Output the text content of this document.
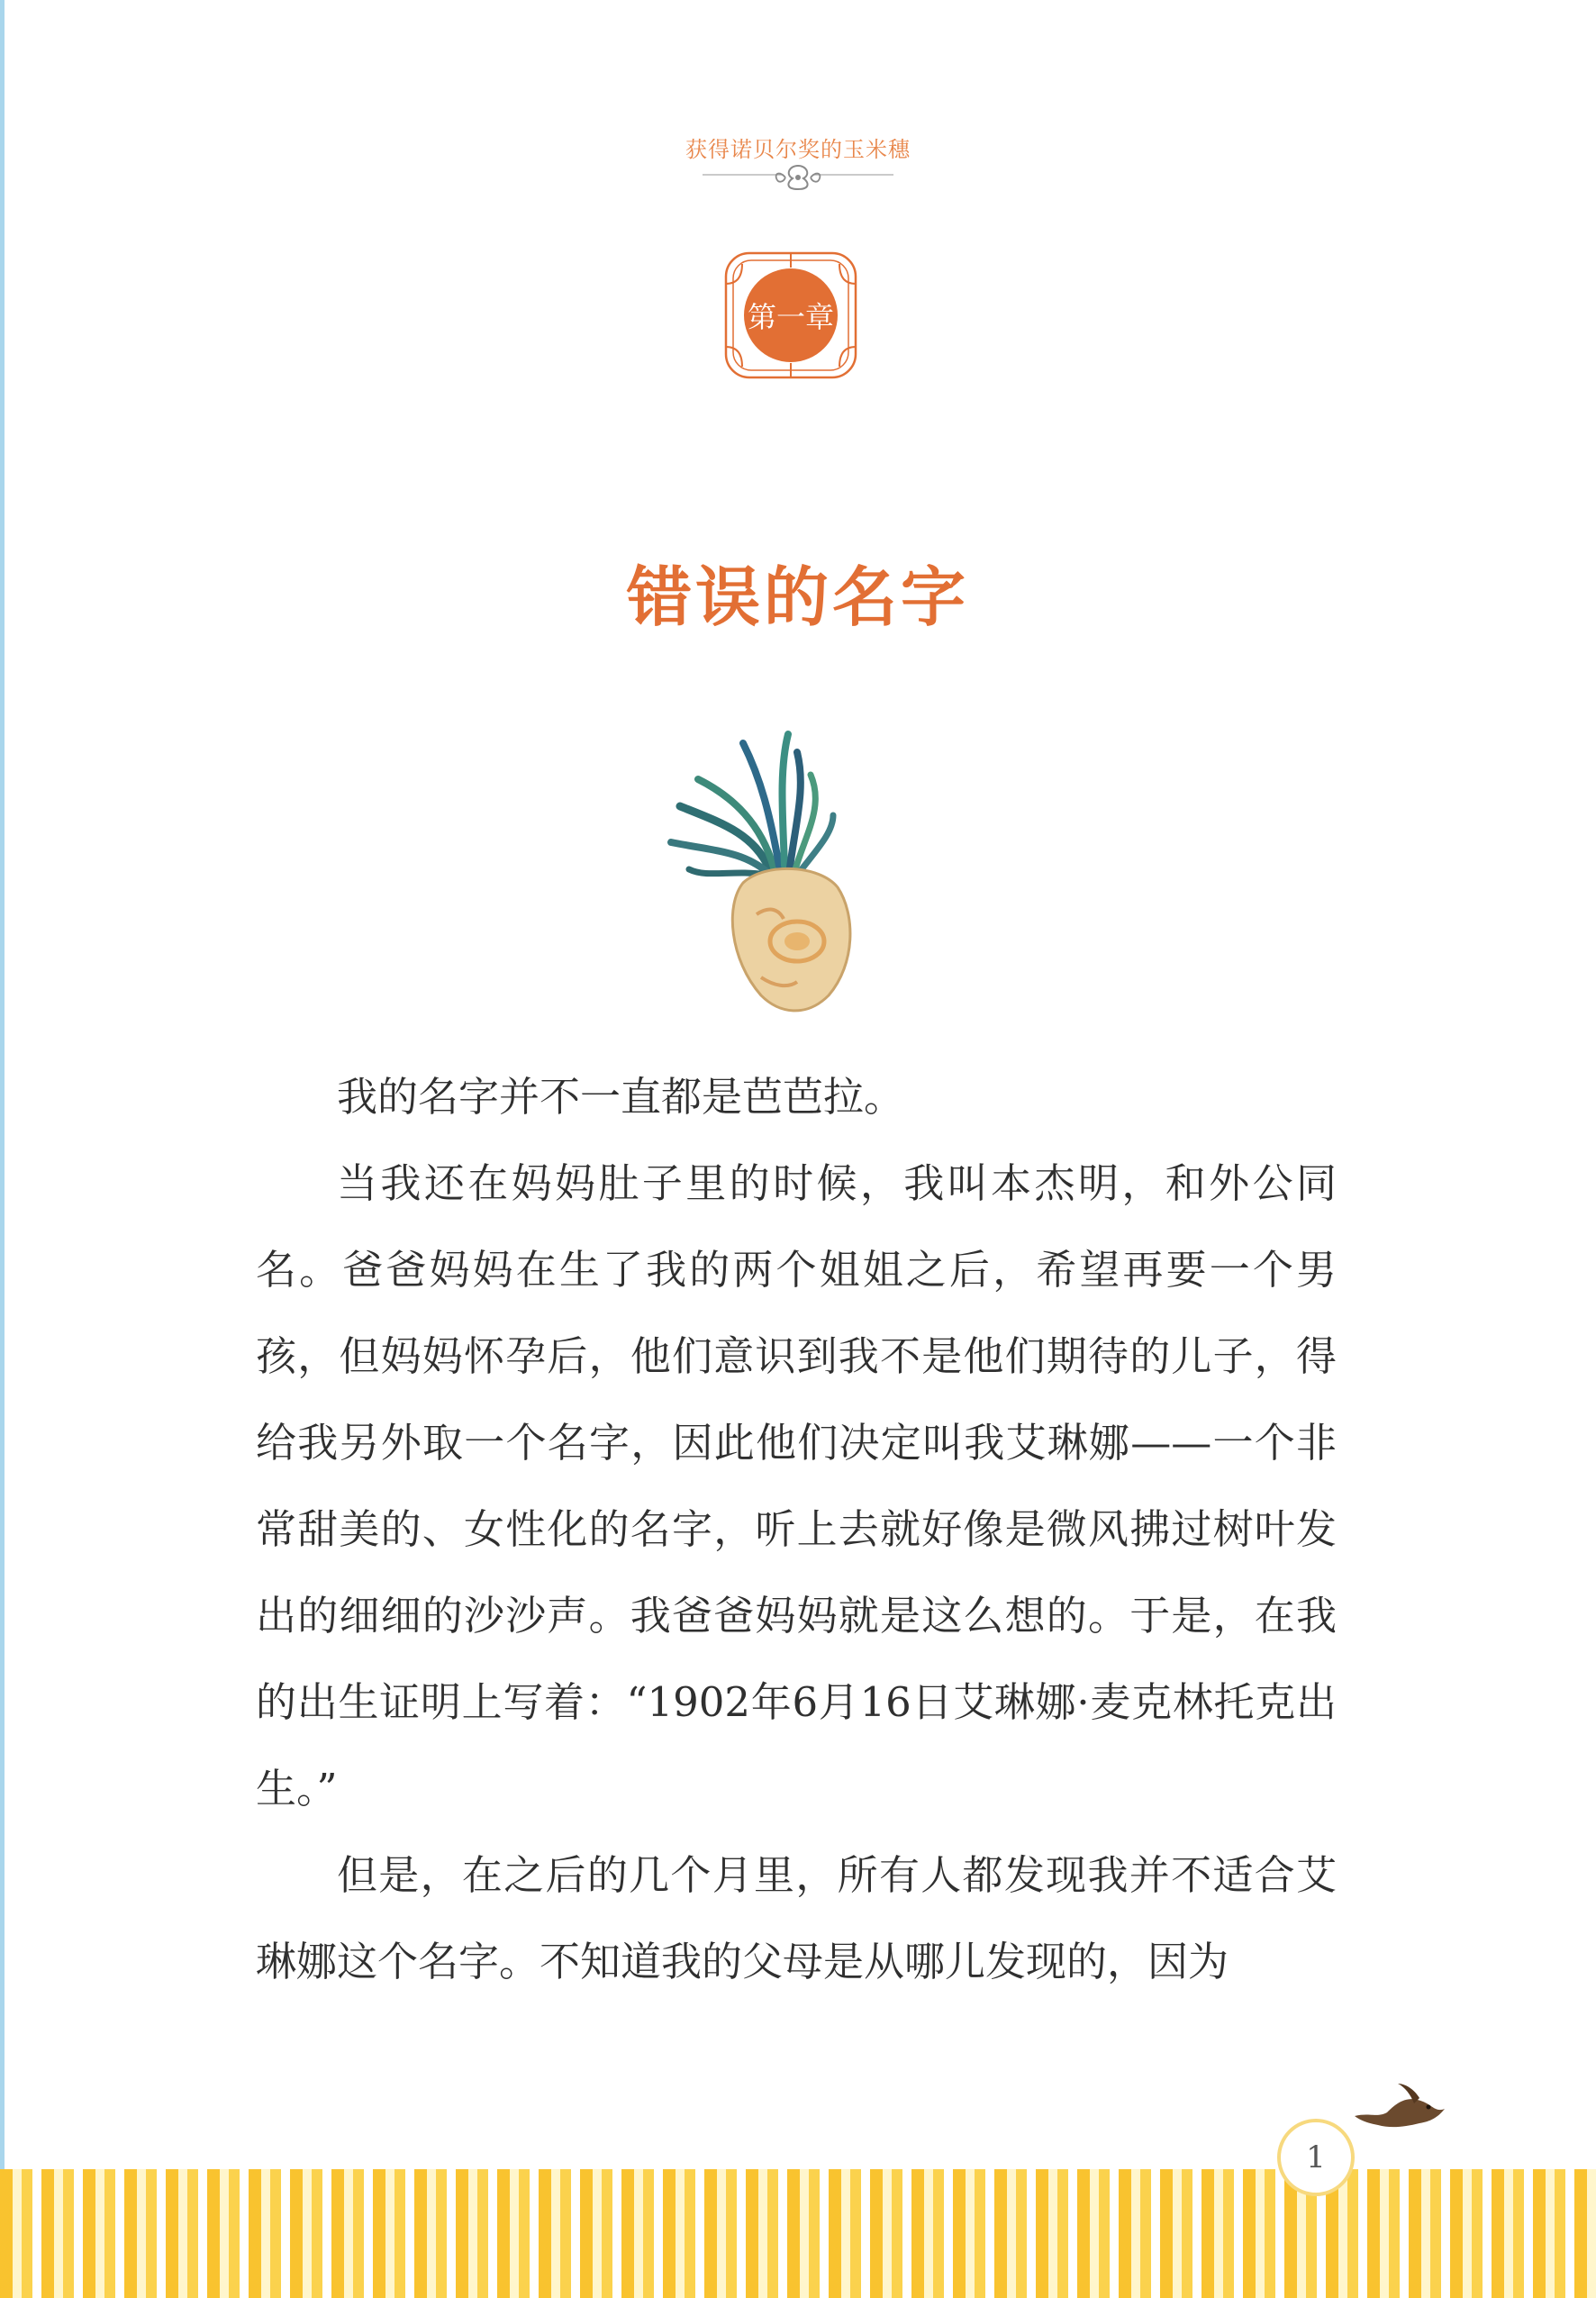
获得诺贝尔奖的玉米穗
第一章
错误的名字

我的名字并不一直都是芭芭拉。

当我还在妈妈肚子里的时候，我叫本杰明，和外公同名。爸爸妈妈在生了我的两个姐姐之后，希望再要一个男孩，但妈妈怀孕后，他们意识到我不是他们期待的儿子，得给我另外取一个名字，因此他们决定叫我艾琳娜——一个非常甜美的、女性化的名字，听上去就好像是微风拂过树叶发出的细细的沙沙声。我爸爸妈妈就是这么想的。于是，在我的出生证明上写着：“1902年6月16日艾琳娜·麦克林托克出生。”

但是，在之后的几个月里，所有人都发现我并不适合艾琳娜这个名字。不知道我的父母是从哪儿发现的，因为

1
